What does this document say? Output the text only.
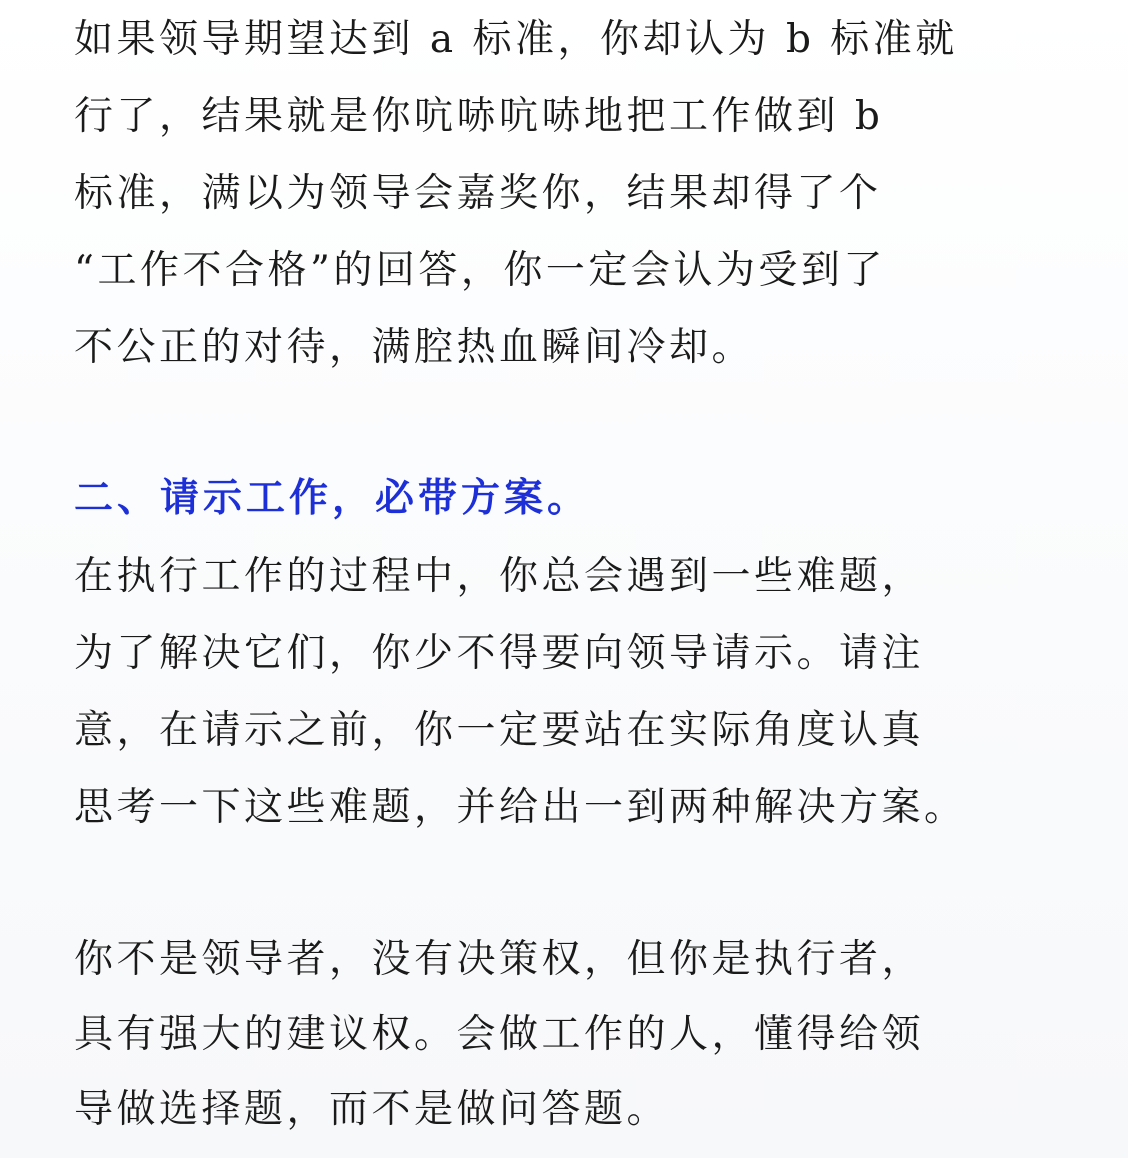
如果领导期望达到 a 标准，你却认为 b 标准就
行了，结果就是你吭哧吭哧地把工作做到 b
标准，满以为领导会嘉奖你，结果却得了个
“工作不合格”的回答，你一定会认为受到了
不公正的对待，满腔热血瞬间冷却。
二、请示工作，必带方案。
在执行工作的过程中，你总会遇到一些难题，
为了解决它们，你少不得要向领导请示。请注
意，在请示之前，你一定要站在实际角度认真
思考一下这些难题，并给出一到两种解决方案。
你不是领导者，没有决策权，但你是执行者，
具有强大的建议权。会做工作的人，懂得给领
导做选择题，而不是做问答题。
